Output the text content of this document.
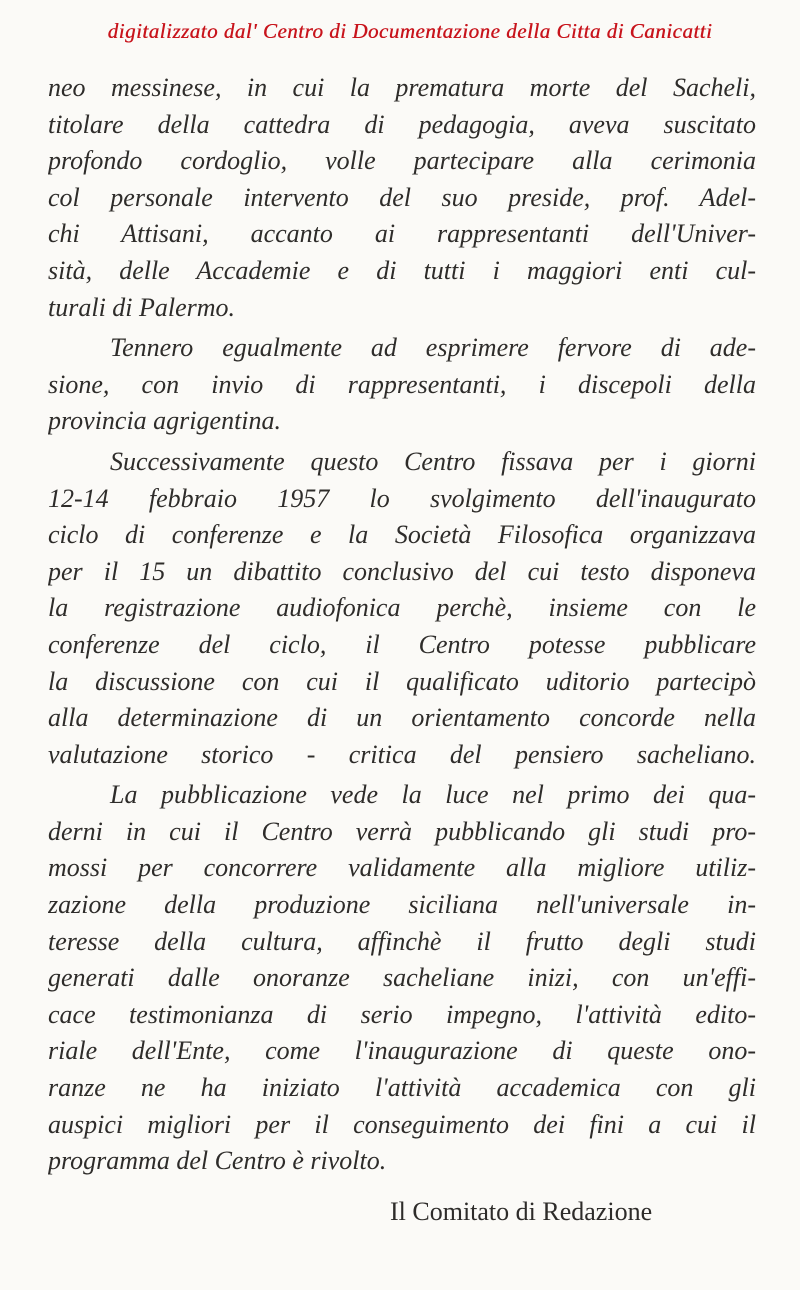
digitalizzato dal' Centro di Documentazione della Citta di Canicatti

neo messinese, in cui la prematura morte del Sacheli,
titolare della cattedra di pedagogia, aveva suscitato
profondo cordoglio, volle partecipare alla cerimonia
col personale intervento del suo preside, prof. Adel-
chi Attisani, accanto ai rappresentanti dell'Univer-
sità, delle Accademie e di tutti i maggiori enti cul-
turali di Palermo.

Tennero egualmente ad esprimere fervore di ade-
sione, con invio di rappresentanti, i discepoli della
provincia agrigentina.

Successivamente questo Centro fissava per i giorni
12-14 febbraio 1957 lo svolgimento dell'inaugurato
ciclo di conferenze e la Società Filosofica organizzava
per il 15 un dibattito conclusivo del cui testo disponeva
la registrazione audiofonica perchè, insieme con le
conferenze del ciclo, il Centro potesse pubblicare
la discussione con cui il qualificato uditorio partecipò
alla determinazione di un orientamento concorde nella
valutazione storico - critica del pensiero sacheliano.

La pubblicazione vede la luce nel primo dei qua-
derni in cui il Centro verrà pubblicando gli studi pro-
mossi per concorrere validamente alla migliore utiliz-
zazione della produzione siciliana nell'universale in-
teresse della cultura, affinchè il frutto degli studi
generati dalle onoranze sacheliane inizi, con un'effi-
cace testimonianza di serio impegno, l'attività edito-
riale dell'Ente, come l'inaugurazione di queste ono-
ranze ne ha iniziato l'attività accademica con gli
auspici migliori per il conseguimento dei fini a cui il
programma del Centro è rivolto.

Il Comitato di Redazione
